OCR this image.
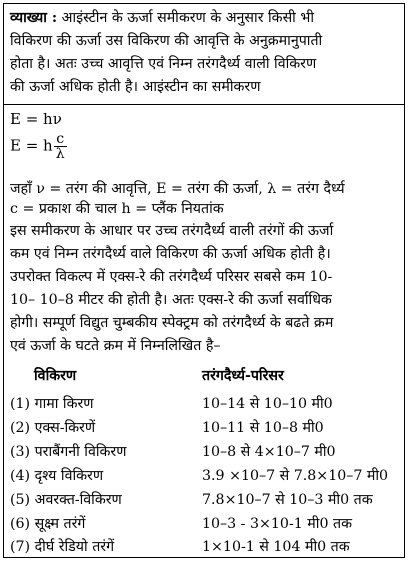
व्याख्या : आइंस्टीन के ऊर्जा समीकरण के अनुसार किसी भी
विकिरण की ऊर्जा उस विकिरण की आवृत्ति के अनुक्रमानुपाती
होता है। अतः उच्च आवृत्ति एवं निम्न तरंगदैर्ध्य वाली विकिरण
की ऊर्जा अधिक होती है। आइंस्टीन का समीकरण
E = hν
E = h $\frac{c}{\lambda}$
जहाँ ν = तरंग की आवृत्ति, E = तरंग की ऊर्जा, λ = तरंग दैर्ध्य
c = प्रकाश की चाल h = प्लैंक नियतांक
इस समीकरण के आधार पर उच्च तरंगदैर्ध्य वाली तरंगों की ऊर्जा
कम एवं निम्न तरंगदैर्ध्य वाले विकिरण की ऊर्जा अधिक होती है।
उपरोक्त विकल्प में एक्स-रे की तरंगदैर्ध्य परिसर सबसे कम 10-
10– 10–8 मीटर की होती है। अतः एक्स-रे की ऊर्जा सर्वाधिक
होगी। सम्पूर्ण विद्युत चुम्बकीय स्पेक्ट्रम को तरंगदैर्ध्य के बढते क्रम
एवं ऊर्जा के घटते क्रम में निम्नलिखित है–
विकिरण	तरंगदैर्ध्य-परिसर
(1) गामा किरण	10–14 से 10–10 मी0
(2) एक्स-किरणें	10–11 से 10–8 मी0
(3) पराबैंगनी विकिरण	10–8 से 4×10–7 मी0
(4) दृश्य विकिरण	3.9 ×10–7 से 7.8×10–7 मी0
(5) अवरक्त-विकिरण	7.8×10–7 से 10–3 मी0 तक
(6) सूक्ष्म तरंगें	10–3 - 3×10-1 मी0 तक
(7) दीर्घ रेडियो तरंगें	1×10-1 से 104 मी0 तक
